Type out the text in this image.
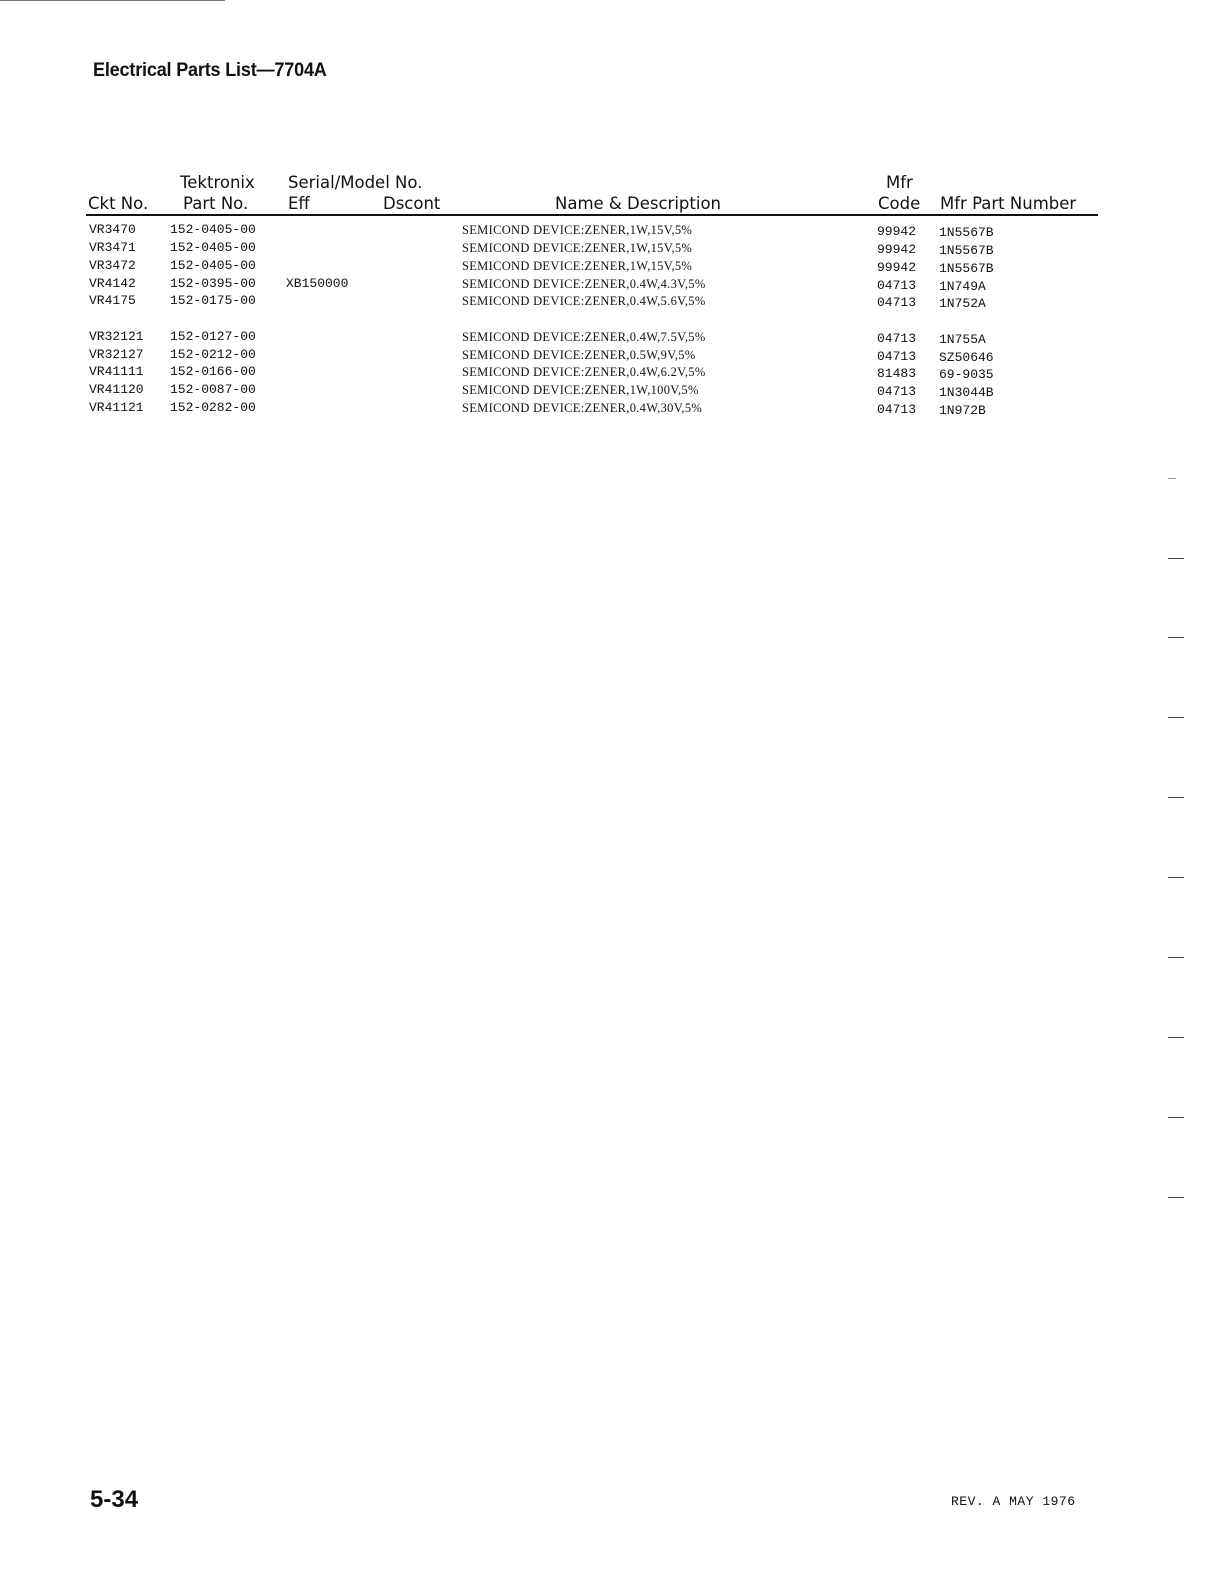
Electrical Parts List—7704A
Tektronix Serial/Model No.	Mfr
Ckt No. Part No. Eff	Dscont	Name & Description	Code Mfr Part Number
VR3470	152-0405-00	SEMICOND DEVICE:ZENER,1W,15V,5%	99942 1N5567B
VR3471	152-0405-00	SEMICOND DEVICE:ZENER,1W,15V,5%	99942 1N5567B
VR3472	152-0405-00	SEMICOND DEVICE:ZENER,1W,15V,5%	99942 1N5567B
VR4142	152-0395-00 XB150000	SEMICOND DEVICE:ZENER,0.4W,4.3V,5%	04713 1N749A
VR4175	152-0175-00	SEMICOND DEVICE:ZENER,0.4W,5.6V,5%	04713 1N752A
VR32121 152-0127-00	SEMICOND DEVICE:ZENER,0.4W,7.5V,5%	04713 1N755A
VR32127 152-0212-00	SEMICOND DEVICE:ZENER,0.5W,9V,5%	04713 SZ50646
VR41111 152-0166-00	SEMICOND DEVICE:ZENER,0.4W,6.2V,5%	81483 69-9035
VR41120 152-0087-00	SEMICOND DEVICE:ZENER,1W,100V,5%	04713 1N3044B
VR41121 152-0282-00	SEMICOND DEVICE:ZENER,0.4W,30V,5%	04713 1N972B
5-34	REV. A MAY 1976
